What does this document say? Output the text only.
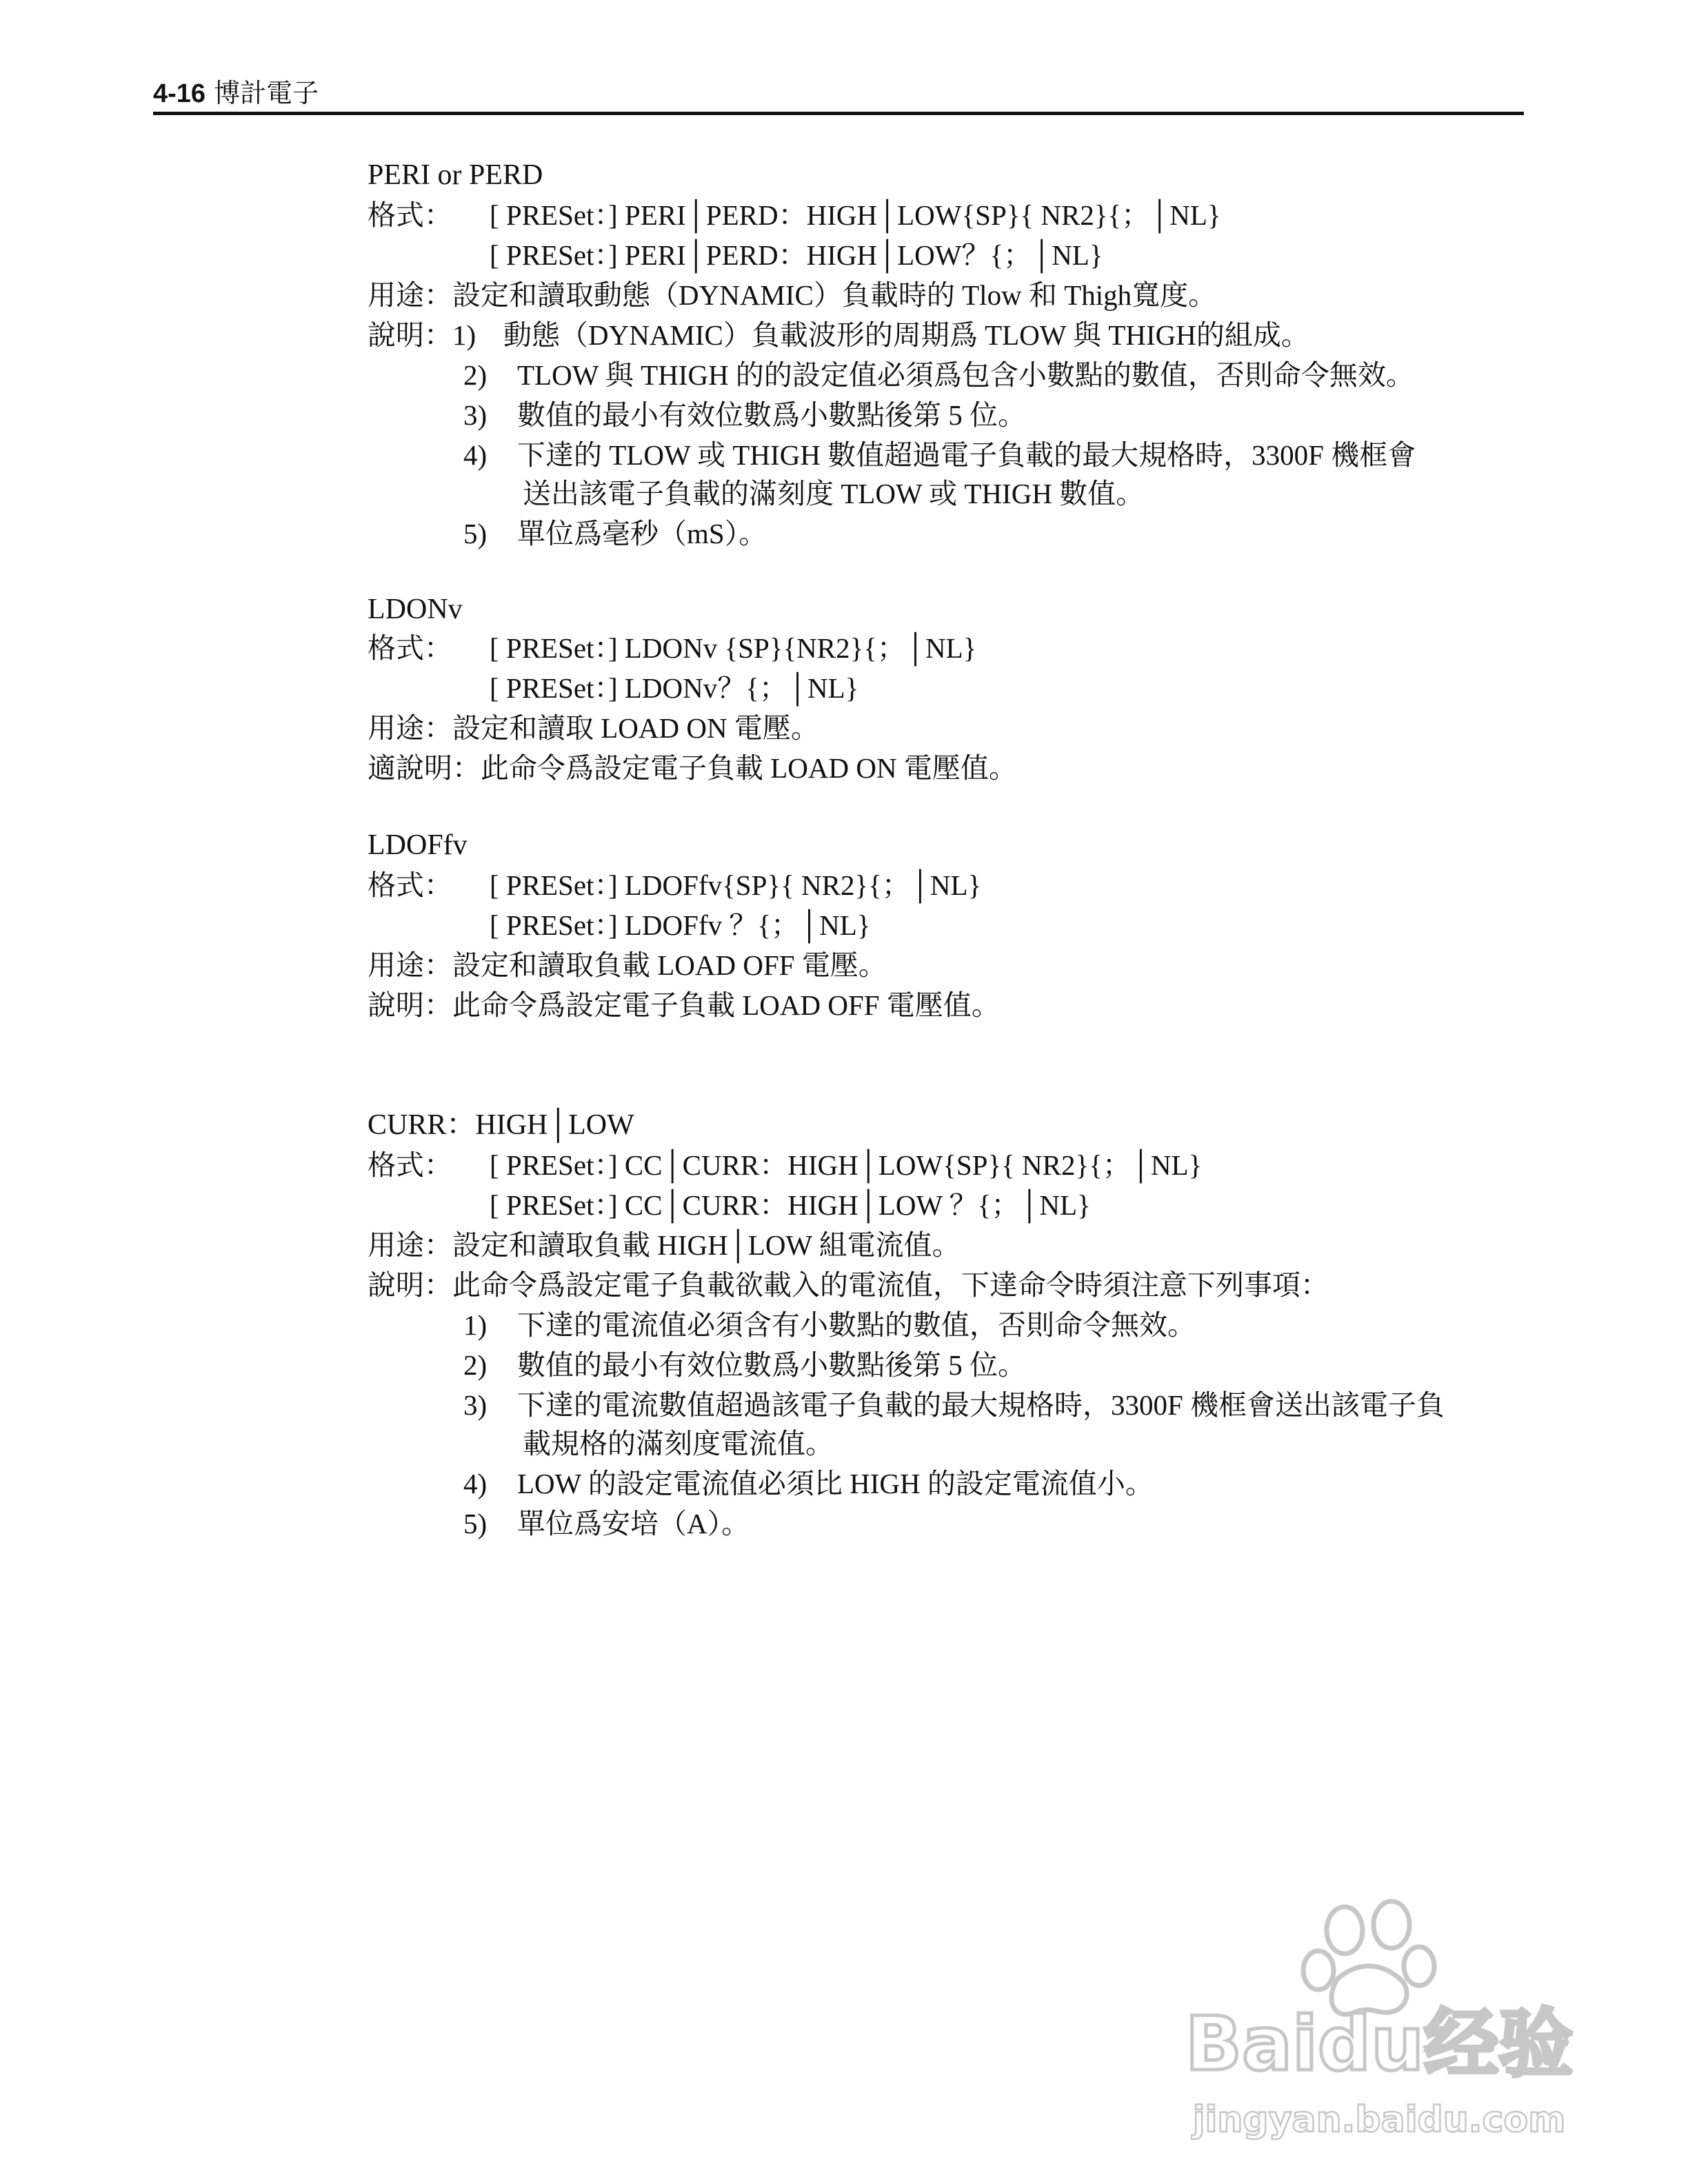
4-16 博計電子
PERI or PERD
格式： [ PRESet：] PERI│PERD：HIGH│LOW{SP}{ NR2}{；│NL}
[ PRESet：] PERI│PERD：HIGH│LOW？{；│NL}
用途：設定和讀取動態（DYNAMIC）負載時的 Tlow 和 Thigh寬度。
說明：1) 動態（DYNAMIC）負載波形的周期爲 TLOW 與 THIGH的組成。
2) TLOW 與 THIGH 的的設定值必須爲包含小數點的數值，否則命令無效。
3) 數值的最小有效位數爲小數點後第 5 位。
4) 下達的 TLOW 或 THIGH 數值超過電子負載的最大規格時，3300F 機框會
送出該電子負載的滿刻度 TLOW 或 THIGH 數值。
5) 單位爲毫秒（mS）。
LDONv
格式： [ PRESet：] LDONv {SP}{NR2}{；│NL}
[ PRESet：] LDONv？{；│NL}
用途：設定和讀取 LOAD ON 電壓。
適說明：此命令爲設定電子負載 LOAD ON 電壓值。
LDOFfv
格式： [ PRESet：] LDOFfv{SP}{ NR2}{；│NL}
[ PRESet：] LDOFfv ？{；│NL}
用途：設定和讀取負載 LOAD OFF 電壓。
說明：此命令爲設定電子負載 LOAD OFF 電壓值。
CURR：HIGH│LOW
格式： [ PRESet：] CC│CURR：HIGH│LOW{SP}{ NR2}{；│NL}
[ PRESet：] CC│CURR：HIGH│LOW ？{；│NL}
用途：設定和讀取負載 HIGH│LOW 組電流值。
說明：此命令爲設定電子負載欲載入的電流值，下達命令時須注意下列事項：
1) 下達的電流值必須含有小數點的數值，否則命令無效。
2) 數值的最小有效位數爲小數點後第 5 位。
3) 下達的電流數值超過該電子負載的最大規格時，3300F 機框會送出該電子負
載規格的滿刻度電流值。
4) LOW 的設定電流值必須比 HIGH 的設定電流值小。
5) 單位爲安培（A）。
Baidu经验
jingyan.baidu.com
